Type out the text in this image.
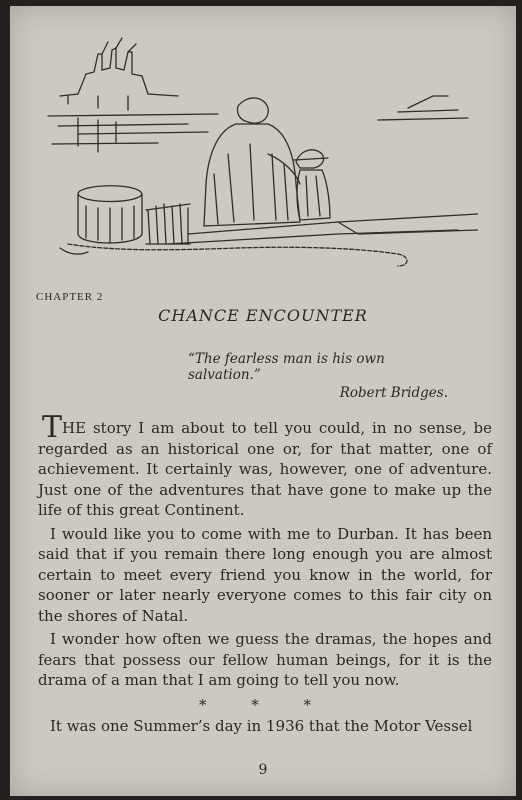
CHAPTER 2
CHANCE ENCOUNTER
“The fearless man is his own salvation.”
Robert Bridges.

THE story I am about to tell you could, in no sense, be regarded as an historical one or, for that matter, one of achievement. It certainly was, however, one of adventure. Just one of the adventures that have gone to make up the life of this great Continent.

I would like you to come with me to Durban. It has been said that if you remain there long enough you are almost certain to meet every friend you know in the world, for sooner or later nearly everyone comes to this fair city on the shores of Natal.

I wonder how often we guess the dramas, the hopes and fears that possess our fellow human beings, for it is the drama of a man that I am going to tell you now.

* * *

It was one Summer’s day in 1936 that the Motor Vessel

9
